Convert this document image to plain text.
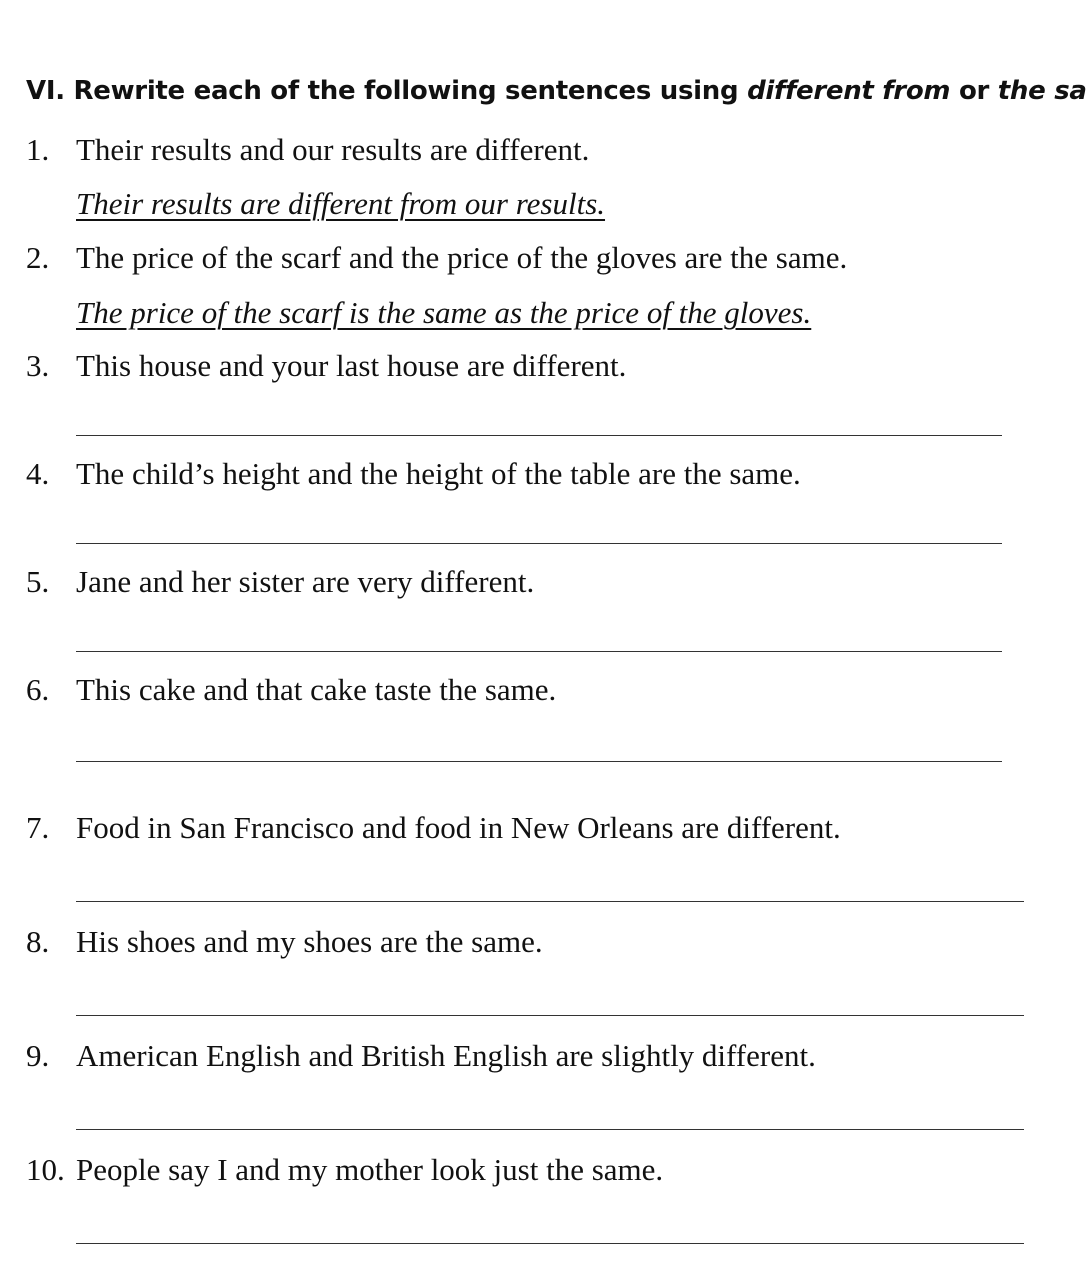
VI. Rewrite each of the following sentences using different from or the sa
1. Their results and our results are different.
Their results are different from our results.
2. The price of the scarf and the price of the gloves are the same.
The price of the scarf is the same as the price of the gloves.
3. This house and your last house are different.
4. The child’s height and the height of the table are the same.
5. Jane and her sister are very different.
6. This cake and that cake taste the same.
7. Food in San Francisco and food in New Orleans are different.
8. His shoes and my shoes are the same.
9. American English and British English are slightly different.
10. People say I and my mother look just the same.
